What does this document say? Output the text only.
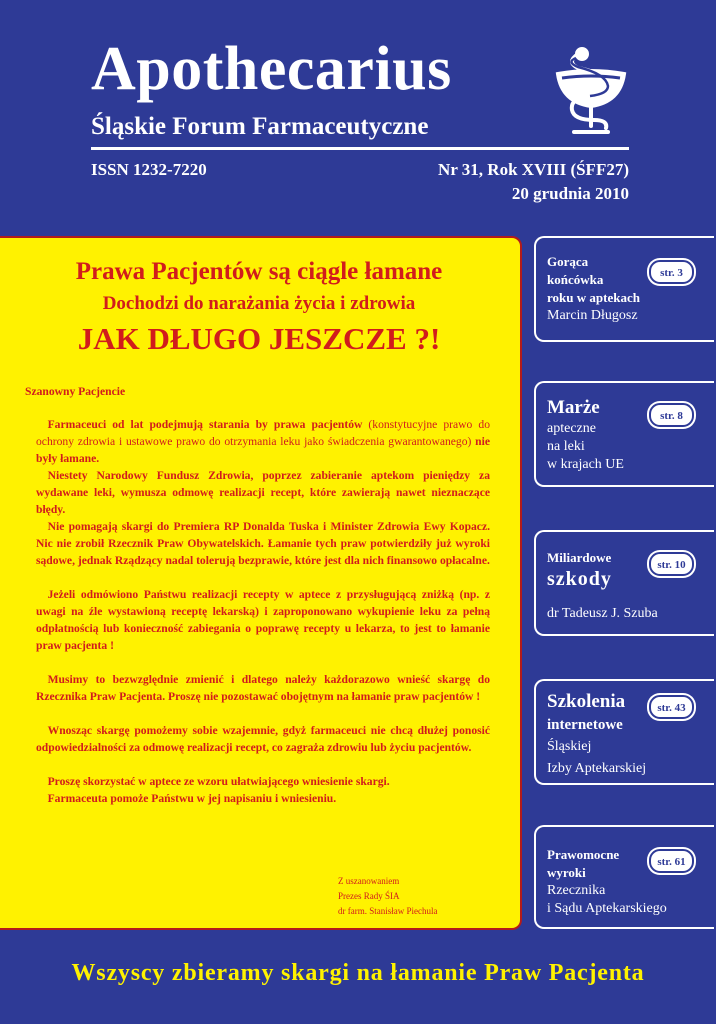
Apothecarius
Śląskie Forum Farmaceutyczne
ISSN 1232-7220	Nr 31, Rok XVIII (ŚFF27)
20 grudnia 2010
Prawa Pacjentów są ciągle łamane
Dochodzi do narażania życia i zdrowia
JAK DŁUGO JESZCZE ?!

Szanowny Pacjencie

 Farmaceuci od lat podejmują starania by prawa pacjentów (konstytucyjne prawo do ochrony zdrowia i ustawowe prawo do otrzymania leku jako świadczenia gwarantowanego) nie były łamane.

 Niestety Narodowy Fundusz Zdrowia, poprzez zabieranie aptekom pieniędzy za wydawane leki, wymusza odmowę realizacji recept, które zawierają nawet nieznaczące błędy.

 Nie pomagają skargi do Premiera RP Donalda Tuska i Minister Zdrowia Ewy Kopacz. Nic nie zrobił Rzecznik Praw Obywatelskich. Łamanie tych praw potwierdziły już wyroki sądowe, jednak Rządzący nadal tolerują bezprawie, które jest dla nich finansowo opłacalne.

 Jeżeli odmówiono Państwu realizacji recepty w aptece z przysługującą zniżką (np. z uwagi na źle wystawioną receptę lekarską) i zaproponowano wykupienie leku za pełną odpłatnością lub konieczność zabiegania o poprawę recepty u lekarza, to jest to łamanie praw pacjenta !

 Musimy to bezwzględnie zmienić i dlatego należy każdorazowo wnieść skargę do Rzecznika Praw Pacjenta. Proszę nie pozostawać obojętnym na łamanie praw pacjentów !

 Wnosząc skargę pomożemy sobie wzajemnie, gdyż farmaceuci nie chcą dłużej ponosić odpowiedzialności za odmowę realizacji recept, co zagraża zdrowiu lub życiu pacjentów.

 Proszę skorzystać w aptece ze wzoru ułatwiającego wniesienie skargi.

 Farmaceuta pomoże Państwu w jej napisaniu i wniesieniu.

Z uszanowaniem
Prezes Rady ŚIA
dr farm. Stanisław Piechula
Gorąca
końcówka
roku w aptekach
Marcin Długosz
str. 3
Marże
apteczne
na leki
w krajach UE
str. 8
Miliardowe
szkody
dr Tadeusz J. Szuba
str. 10
Szkolenia
internetowe
Śląskiej
Izby Aptekarskiej
str. 43
Prawomocne
wyroki
Rzecznika
i Sądu Aptekarskiego
str. 61
Wszyscy zbieramy skargi na łamanie Praw Pacjenta
